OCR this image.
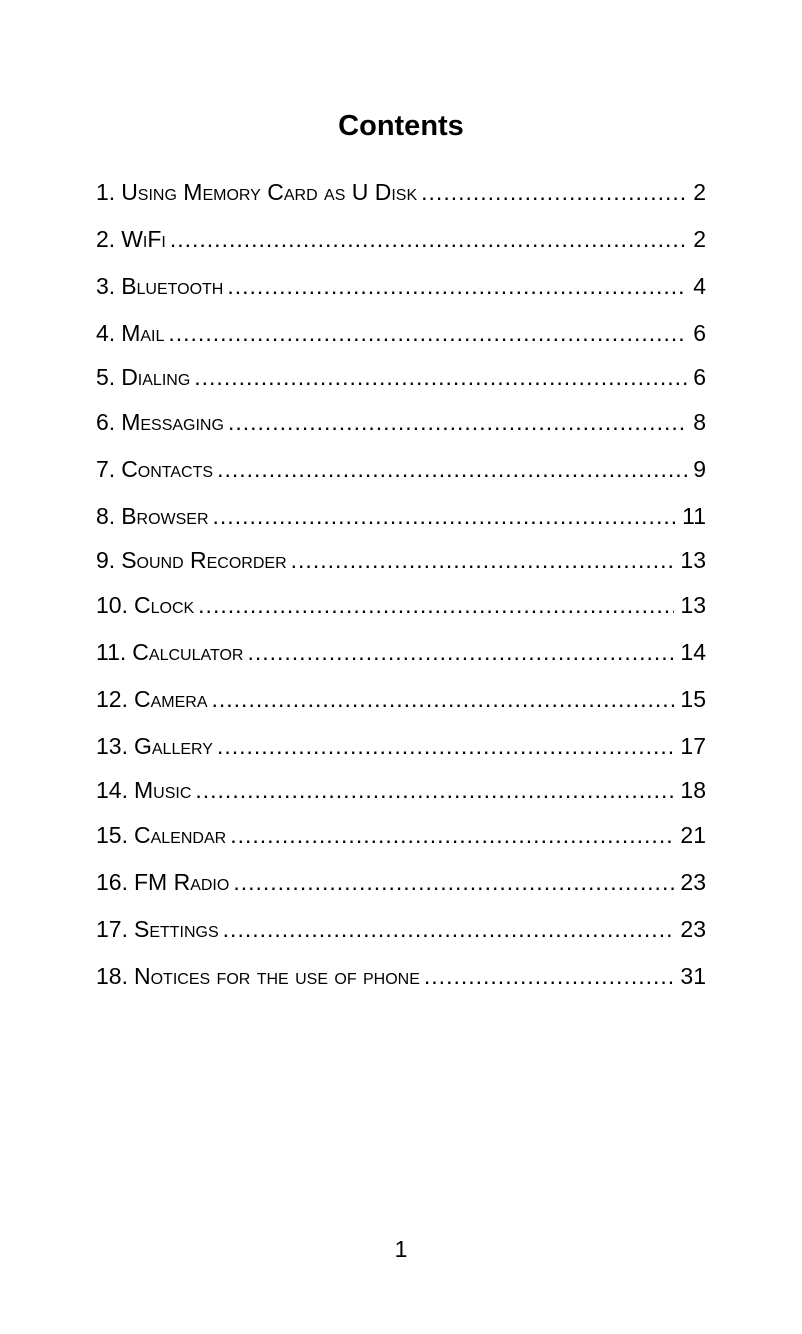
Contents
1. Using Memory Card as U Disk .....	2
2. WiFi .....	2
3. Bluetooth .....	4
4. Mail .....	6
5. Dialing .....	6
6. Messaging .....	8
7. Contacts .....	9
8. Browser .....	11
9. Sound Recorder .....	13
10. Clock .....	13
11. Calculator .....	14
12. Camera .....	15
13. Gallery .....	17
14. Music .....	18
15. Calendar .....	21
16. FM Radio .....	23
17. Settings .....	23
18. Notices for the use of phone .....	31
1
